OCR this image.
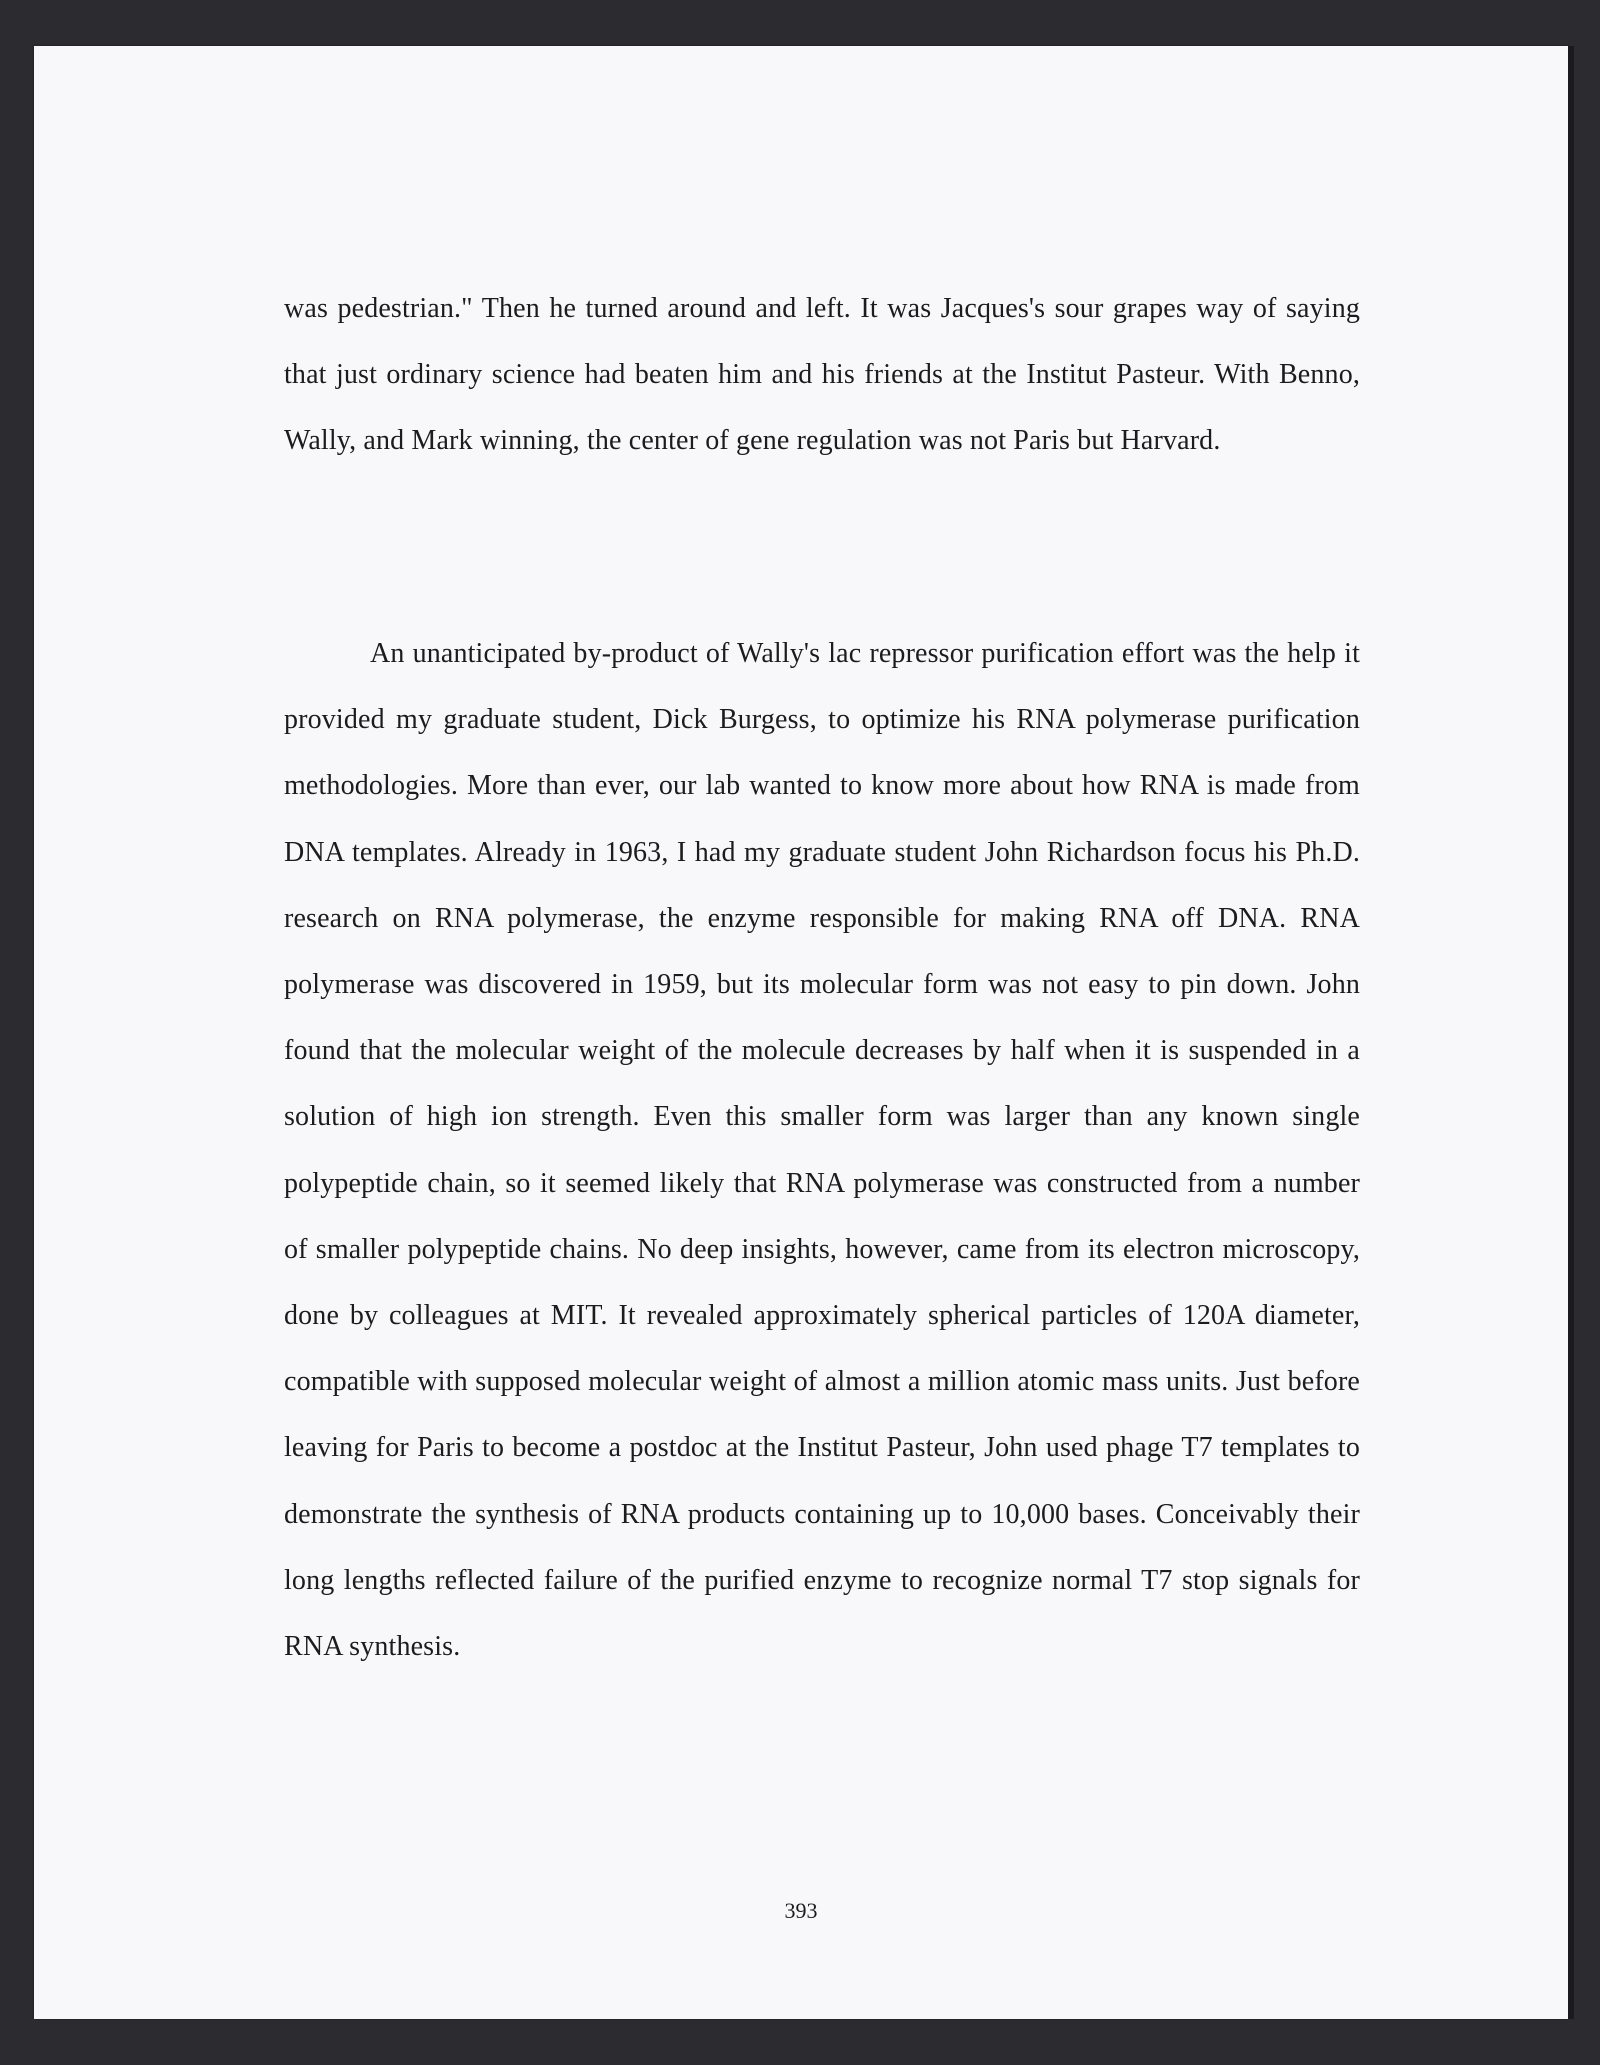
was pedestrian." Then he turned around and left. It was Jacques's sour grapes way of saying that just ordinary science had beaten him and his friends at the Institut Pasteur. With Benno, Wally, and Mark winning, the center of gene regulation was not Paris but Harvard.

An unanticipated by-product of Wally's lac repressor purification effort was the help it provided my graduate student, Dick Burgess, to optimize his RNA polymerase purification methodologies. More than ever, our lab wanted to know more about how RNA is made from DNA templates. Already in 1963, I had my graduate student John Richardson focus his Ph.D. research on RNA polymerase, the enzyme responsible for making RNA off DNA. RNA polymerase was discovered in 1959, but its molecular form was not easy to pin down. John found that the molecular weight of the molecule decreases by half when it is suspended in a solution of high ion strength. Even this smaller form was larger than any known single polypeptide chain, so it seemed likely that RNA polymerase was constructed from a number of smaller polypeptide chains. No deep insights, however, came from its electron microscopy, done by colleagues at MIT. It revealed approximately spherical particles of 120A diameter, compatible with supposed molecular weight of almost a million atomic mass units. Just before leaving for Paris to become a postdoc at the Institut Pasteur, John used phage T7 templates to demonstrate the synthesis of RNA products containing up to 10,000 bases. Conceivably their long lengths reflected failure of the purified enzyme to recognize normal T7 stop signals for RNA synthesis.

393
